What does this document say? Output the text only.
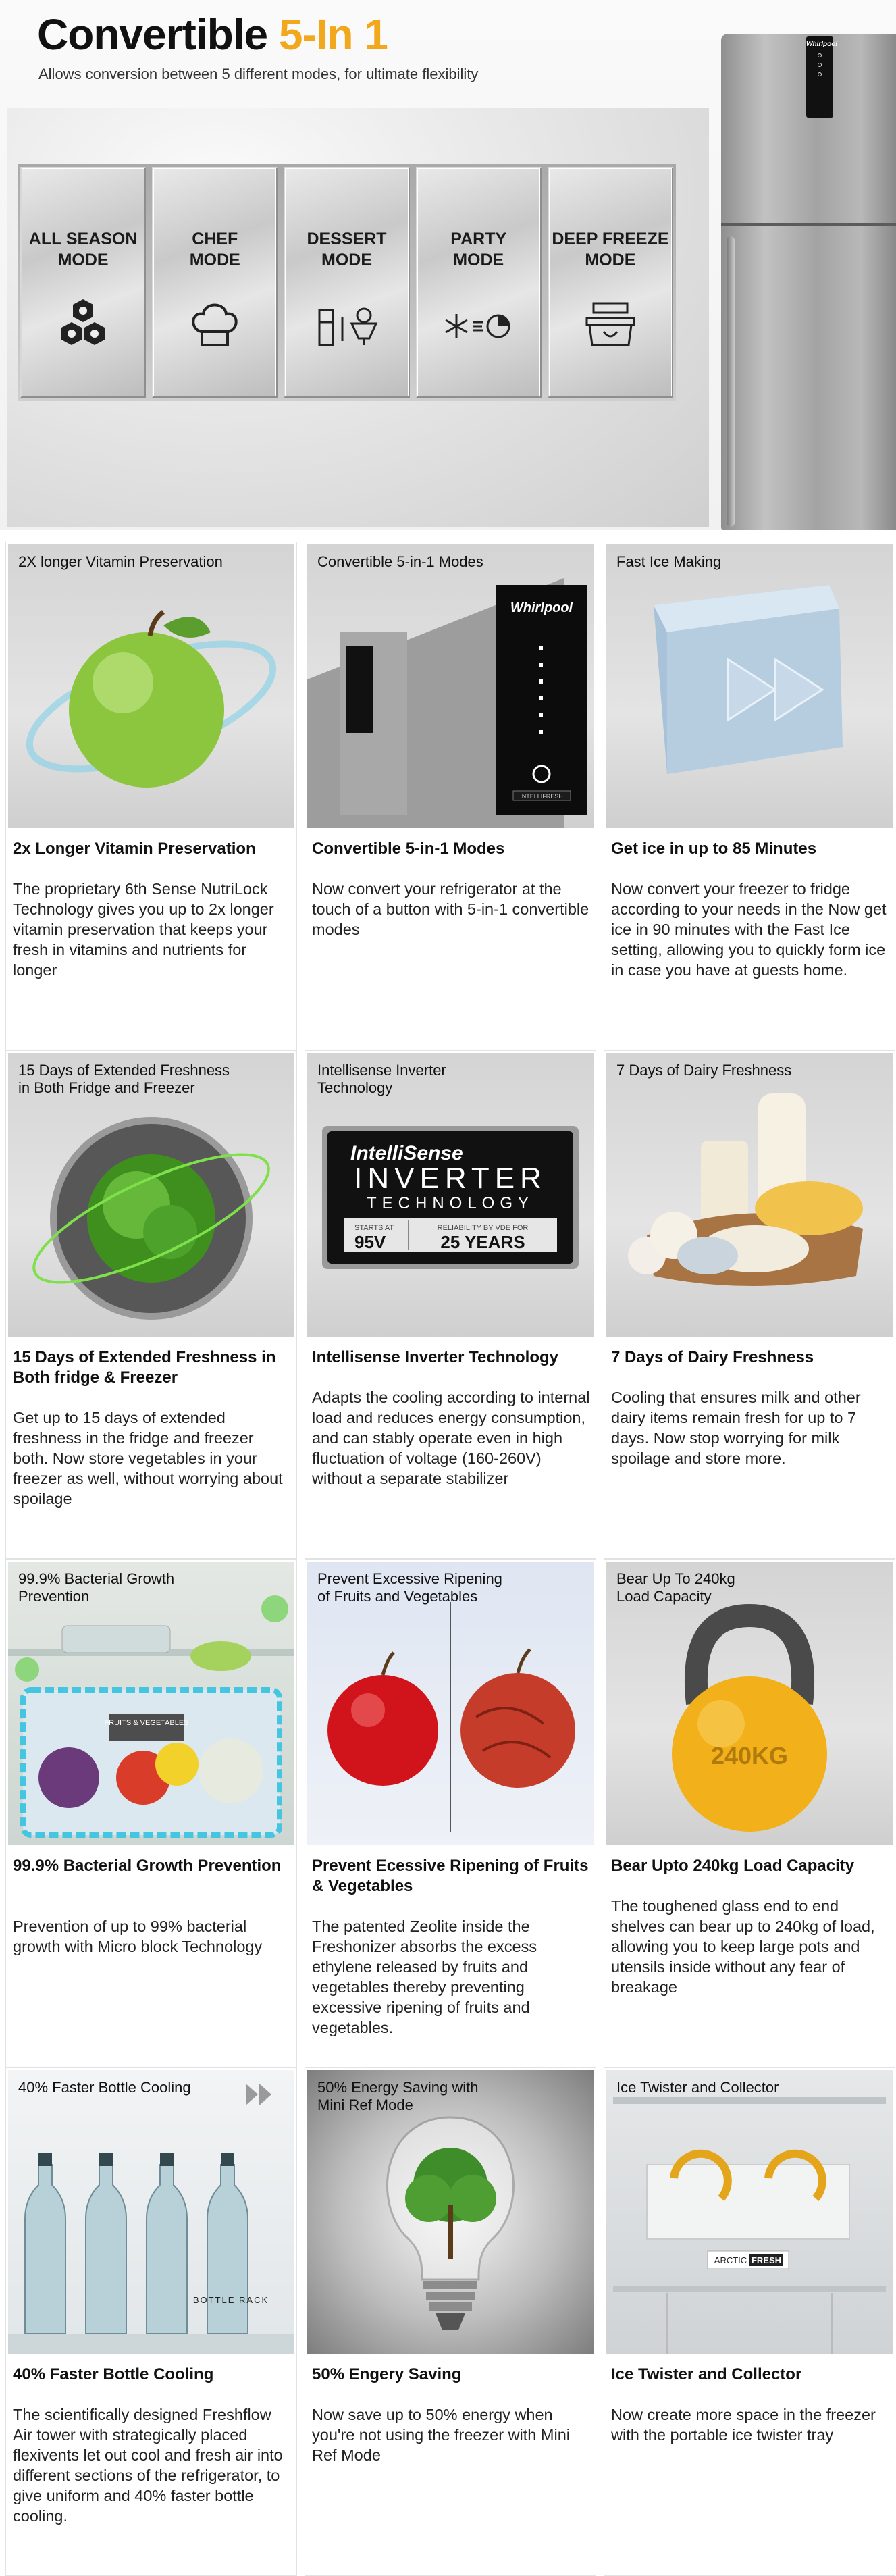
Convertible 5-In 1
Allows conversion between 5 different modes, for ultimate flexibility
ALL SEASON
MODE
CHEF
MODE
DESSERT
MODE
PARTY
MODE
DEEP FREEZE
MODE
Whirlpool
2X longer Vitamin Preservation
2x Longer Vitamin Preservation

The proprietary 6th Sense NutriLock Technology gives you up to 2x longer vitamin preservation that keeps your fresh in vitamins and nutrients for longer

Whirlpool
INTELLIFRESH
Convertible 5-in-1 Modes
Convertible 5-in-1 Modes

Now convert your refrigerator at the touch of a button with 5-in-1 convertible modes

Fast Ice Making
Get ice in up to 85 Minutes

Now convert your freezer to fridge according to your needs in the Now get ice in 90 minutes with the Fast Ice setting, allowing you to quickly form ice in case you have at guests home.

15 Days of Extended Freshness
in Both Fridge and Freezer
15 Days of Extended Freshness in Both fridge & Freezer

Get up to 15 days of extended freshness in the fridge and freezer both. Now store vegetables in your freezer as well, without worrying about spoilage

IntelliSense
INVERTER
TECHNOLOGY
STARTS AT
95V
RELIABILITY BY VDE FOR
25 YEARS
Intellisense Inverter
Technology
Intellisense Inverter Technology

Adapts the cooling according to internal load and reduces energy consumption, and can stably operate even in high fluctuation of voltage (160-260V) without a separate stabilizer

7 Days of Dairy Freshness
7 Days of Dairy Freshness

Cooling that ensures milk and other dairy items remain fresh for up to 7 days. Now stop worrying for milk spoilage and store more.

FRUITS & VEGETABLES
99.9% Bacterial Growth
Prevention
99.9% Bacterial Growth Prevention

Prevention of up to 99% bacterial growth with Micro block Technology

Prevent Excessive Ripening
of Fruits and Vegetables
Prevent Ecessive Ripening of Fruits & Vegetables

The patented Zeolite inside the Freshonizer absorbs the excess ethylene released by fruits and vegetables thereby preventing excessive ripening of fruits and vegetables.

240KG
Bear Up To 240kg
Load Capacity
Bear Upto 240kg Load Capacity

The toughened glass end to end shelves can bear up to 240kg of load, allowing you to keep large pots and utensils inside without any fear of breakage

BOTTLE RACK
40% Faster Bottle Cooling
40% Faster Bottle Cooling

The scientifically designed Freshflow Air tower with strategically placed flexivents let out cool and fresh air into different sections of the refrigerator, to give uniform and 40% faster bottle cooling.

50% Energy Saving with
Mini Ref Mode
50% Engery Saving

Now save up to 50% energy when you're not using the freezer with Mini Ref Mode

ARCTIC FRESH
Ice Twister and Collector
Ice Twister and Collector

Now create more space in the freezer with the portable ice twister tray
